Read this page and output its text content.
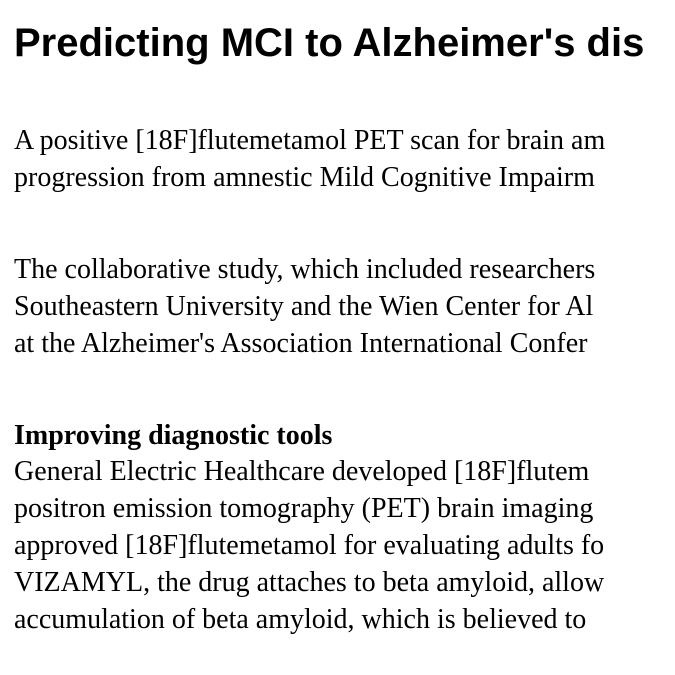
Predicting MCI to Alzheimer's dis

A positive [18F]flutemetamol PET scan for brain am
progression from amnestic Mild Cognitive Impairm

The collaborative study, which included researchers
Southeastern University and the Wien Center for Al
at the Alzheimer's Association International Confer

Improving diagnostic tools

General Electric Healthcare developed [18F]flutem
positron emission tomography (PET) brain imaging
approved [18F]flutemetamol for evaluating adults fo
VIZAMYL, the drug attaches to beta amyloid, allow
accumulation of beta amyloid, which is believed to
